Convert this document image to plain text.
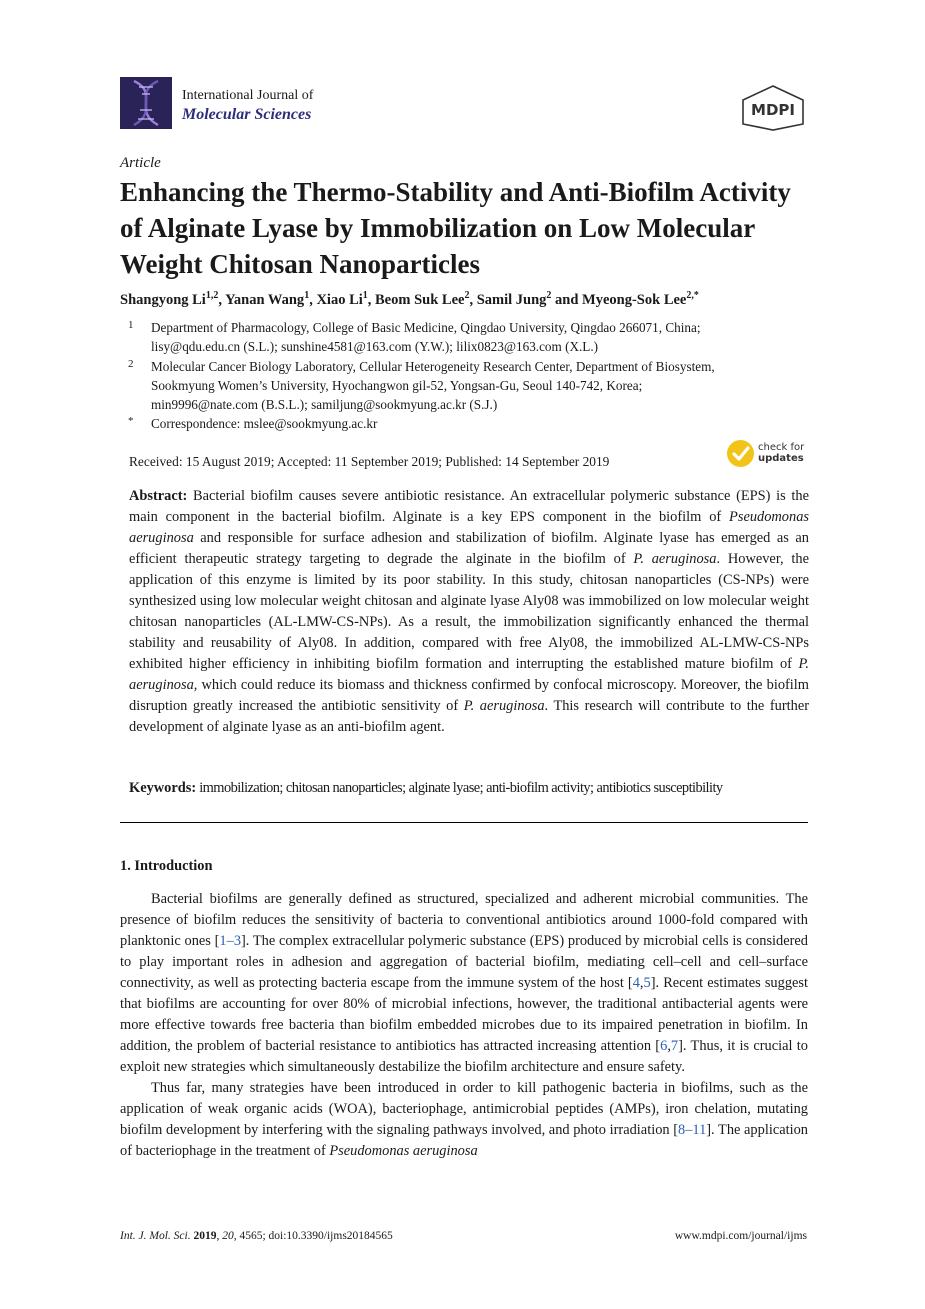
International Journal of
Molecular Sciences	MDPI
Article
Enhancing the Thermo-Stability and Anti-Biofilm Activity of Alginate Lyase by Immobilization on Low Molecular Weight Chitosan Nanoparticles
Shangyong Li$^{1,2}$, Yanan Wang$^1$, Xiao Li$^1$, Beom Suk Lee$^2$, Samil Jung$^2$ and Myeong-Sok Lee$^{2,*}$
1 Department of Pharmacology, College of Basic Medicine, Qingdao University, Qingdao 266071, China;
lisy@qdu.edu.cn (S.L.); sunshine4581@163.com (Y.W.); lilix0823@163.com (X.L.)
2 Molecular Cancer Biology Laboratory, Cellular Heterogeneity Research Center, Department of Biosystem,
Sookmyung Women’s University, Hyochangwon gil-52, Yongsan-Gu, Seoul 140-742, Korea;
min9996@nate.com (B.S.L.); samiljung@sookmyung.ac.kr (S.J.)
* Correspondence: mslee@sookmyung.ac.kr
Received: 15 August 2019; Accepted: 11 September 2019; Published: 14 September 2019
check for
updates
Abstract: Bacterial biofilm causes severe antibiotic resistance. An extracellular polymeric substance (EPS) is the main component in the bacterial biofilm. Alginate is a key EPS component in the biofilm of Pseudomonas aeruginosa and responsible for surface adhesion and stabilization of biofilm. Alginate lyase has emerged as an efficient therapeutic strategy targeting to degrade the alginate in the biofilm of P. aeruginosa. However, the application of this enzyme is limited by its poor stability. In this study, chitosan nanoparticles (CS-NPs) were synthesized using low molecular weight chitosan and alginate lyase Aly08 was immobilized on low molecular weight chitosan nanoparticles (AL-LMW-CS-NPs). As a result, the immobilization significantly enhanced the thermal stability and reusability of Aly08. In addition, compared with free Aly08, the immobilized AL-LMW-CS-NPs exhibited higher efficiency in inhibiting biofilm formation and interrupting the established mature biofilm of P. aeruginosa, which could reduce its biomass and thickness confirmed by confocal microscopy. Moreover, the biofilm disruption greatly increased the antibiotic sensitivity of P. aeruginosa. This research will contribute to the further development of alginate lyase as an anti-biofilm agent.
Keywords: immobilization; chitosan nanoparticles; alginate lyase; anti-biofilm activity; antibiotics susceptibility
1. Introduction

Bacterial biofilms are generally defined as structured, specialized and adherent microbial communities. The presence of biofilm reduces the sensitivity of bacteria to conventional antibiotics around 1000-fold compared with planktonic ones [1–3]. The complex extracellular polymeric substance (EPS) produced by microbial cells is considered to play important roles in adhesion and aggregation of bacterial biofilm, mediating cell–cell and cell–surface connectivity, as well as protecting bacteria escape from the immune system of the host [4,5]. Recent estimates suggest that biofilms are accounting for over 80% of microbial infections, however, the traditional antibacterial agents were more effective towards free bacteria than biofilm embedded microbes due to its impaired penetration in biofilm. In addition, the problem of bacterial resistance to antibiotics has attracted increasing attention [6,7]. Thus, it is crucial to exploit new strategies which simultaneously destabilize the biofilm architecture and ensure safety.

Thus far, many strategies have been introduced in order to kill pathogenic bacteria in biofilms, such as the application of weak organic acids (WOA), bacteriophage, antimicrobial peptides (AMPs), iron chelation, mutating biofilm development by interfering with the signaling pathways involved, and photo irradiation [8–11]. The application of bacteriophage in the treatment of Pseudomonas aeruginosa

Int. J. Mol. Sci. 2019, 20, 4565; doi:10.3390/ijms20184565	www.mdpi.com/journal/ijms
